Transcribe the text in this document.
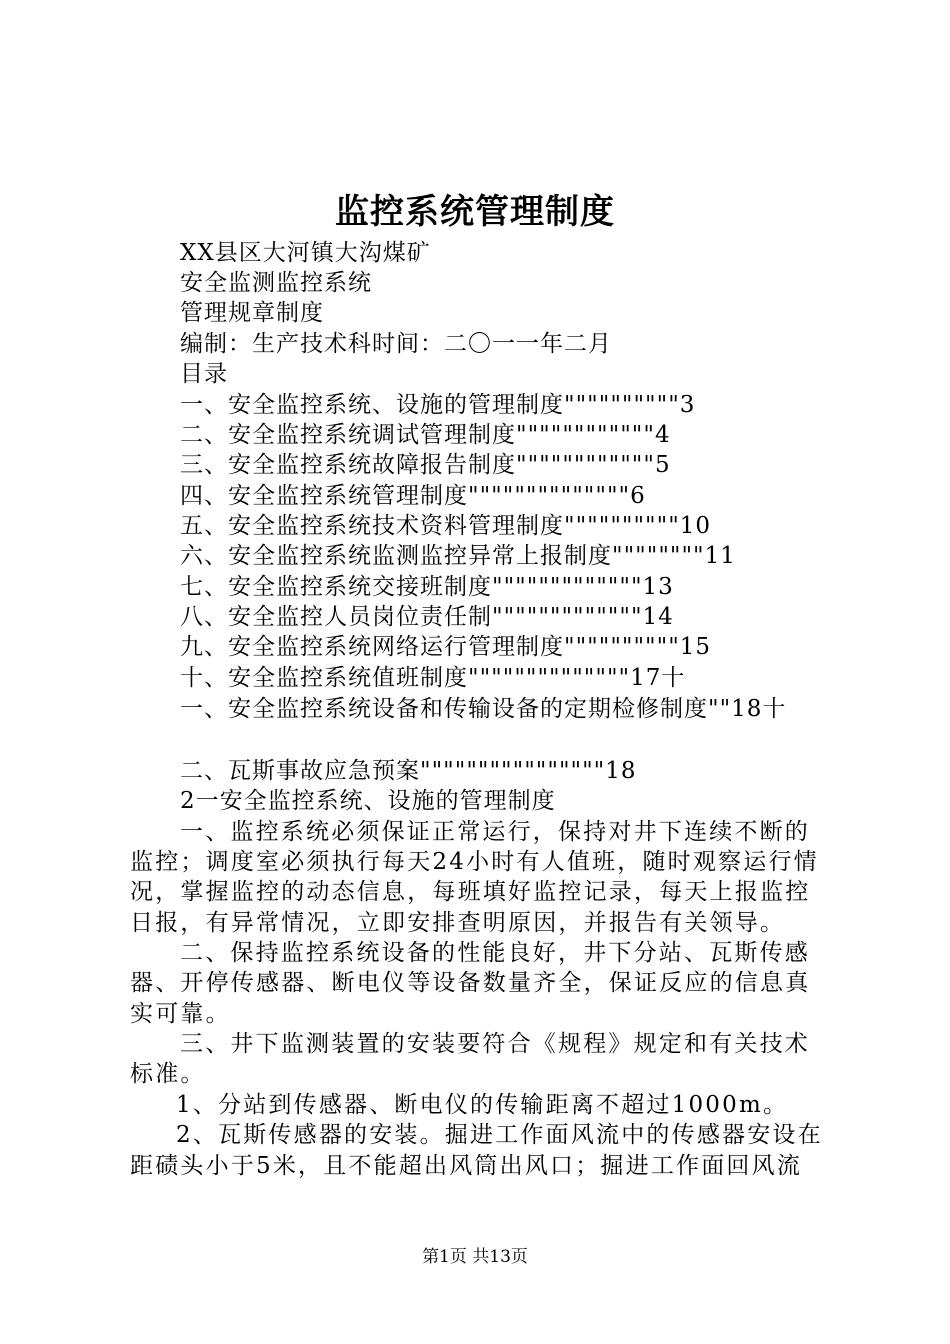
监控系统管理制度
XX县区大河镇大沟煤矿
安全监测监控系统
管理规章制度
编制：生产技术科时间：二〇一一年二月
目录
一、安全监控系统、设施的管理制度""""""""""3
二、安全监控系统调试管理制度""""""""""""4
三、安全监控系统故障报告制度""""""""""""5
四、安全监控系统管理制度""""""""""""""6
五、安全监控系统技术资料管理制度""""""""""10
六、安全监控系统监测监控异常上报制度""""""""11
七、安全监控系统交接班制度"""""""""""""13
八、安全监控人员岗位责任制"""""""""""""14
九、安全监控系统网络运行管理制度""""""""""15
十、安全监控系统值班制度""""""""""""""17十
一、安全监控系统设备和传输设备的定期检修制度""18十
二、瓦斯事故应急预案""""""""""""""""18
2一安全监控系统、设施的管理制度
一、监控系统必须保证正常运行，保持对井下连续不断的
监控；调度室必须执行每天24小时有人值班，随时观察运行情
况，掌握监控的动态信息，每班填好监控记录，每天上报监控
日报，有异常情况，立即安排查明原因，并报告有关领导。
二、保持监控系统设备的性能良好，井下分站、瓦斯传感
器、开停传感器、断电仪等设备数量齐全，保证反应的信息真
实可靠。
三、井下监测装置的安装要符合《规程》规定和有关技术
标准。
1、分站到传感器、断电仪的传输距离不超过1000m。
2、瓦斯传感器的安装。掘进工作面风流中的传感器安设在
距碛头小于5米，且不能超出风筒出风口；掘进工作面回风流
第1页 共13页
